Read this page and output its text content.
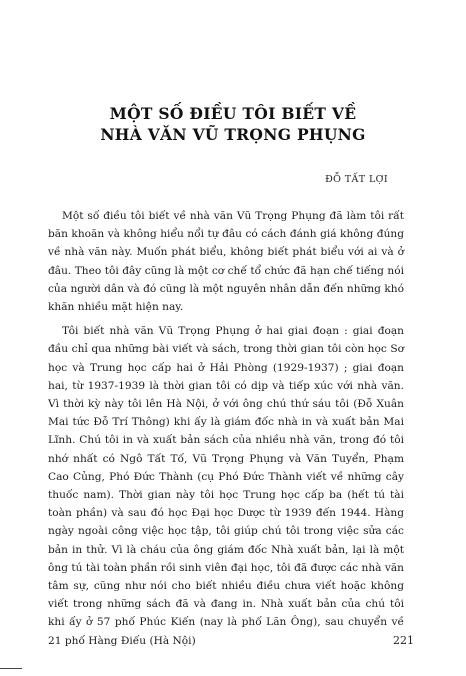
MỘT SỐ ĐIỀU TÔI BIẾT VỀ
NHÀ VĂN VŨ TRỌNG PHỤNG
ĐỖ TẤT LỢI

Một số điều tôi biết về nhà văn Vũ Trọng Phụng đã làm tôi rất băn khoăn và không hiểu nổi tự đâu có cách đánh giá không đúng về nhà văn này. Muốn phát biểu, không biết phát biểu với ai và ở đâu. Theo tôi đây cũng là một cơ chế tổ chức đã hạn chế tiếng nói của người dân và đó cũng là một nguyên nhân dẫn đến những khó khăn nhiều mặt hiện nay.

Tôi biết nhà văn Vũ Trọng Phụng ở hai giai đoạn : giai đoạn đầu chỉ qua những bài viết và sách, trong thời gian tôi còn học Sơ học và Trung học cấp hai ở Hải Phòng (1929-1937) ; giai đoạn hai, từ 1937-1939 là thời gian tôi có dịp và tiếp xúc với nhà văn. Vì thời kỳ này tôi lên Hà Nội, ở với ông chú thứ sáu tôi (Đỗ Xuân Mai tức Đỗ Trí Thông) khi ấy là giám đốc nhà in và xuất bản Mai Lĩnh. Chú tôi in và xuất bản sách của nhiều nhà văn, trong đó tôi nhớ nhất có Ngô Tất Tố, Vũ Trọng Phụng và Văn Tuyển, Phạm Cao Củng, Phó Đức Thành (cụ Phó Đức Thành viết về những cây thuốc nam). Thời gian này tôi học Trung học cấp ba (hết tú tài toàn phần) và sau đó học Đại học Dược từ 1939 đến 1944. Hàng ngày ngoài công việc học tập, tôi giúp chú tôi trong việc sửa các bản in thử. Vì là cháu của ông giám đốc Nhà xuất bản, lại là một ông tú tài toàn phần rồi sinh viên đại học, tôi đã được các nhà văn tâm sự, cũng như nói cho biết nhiều điều chưa viết hoặc không viết trong những sách đã và đang in. Nhà xuất bản của chú tôi khi ấy ở 57 phố Phúc Kiến (nay là phố Lãn Ông), sau chuyển về 21 phố Hàng Điếu (Hà Nội)	221
